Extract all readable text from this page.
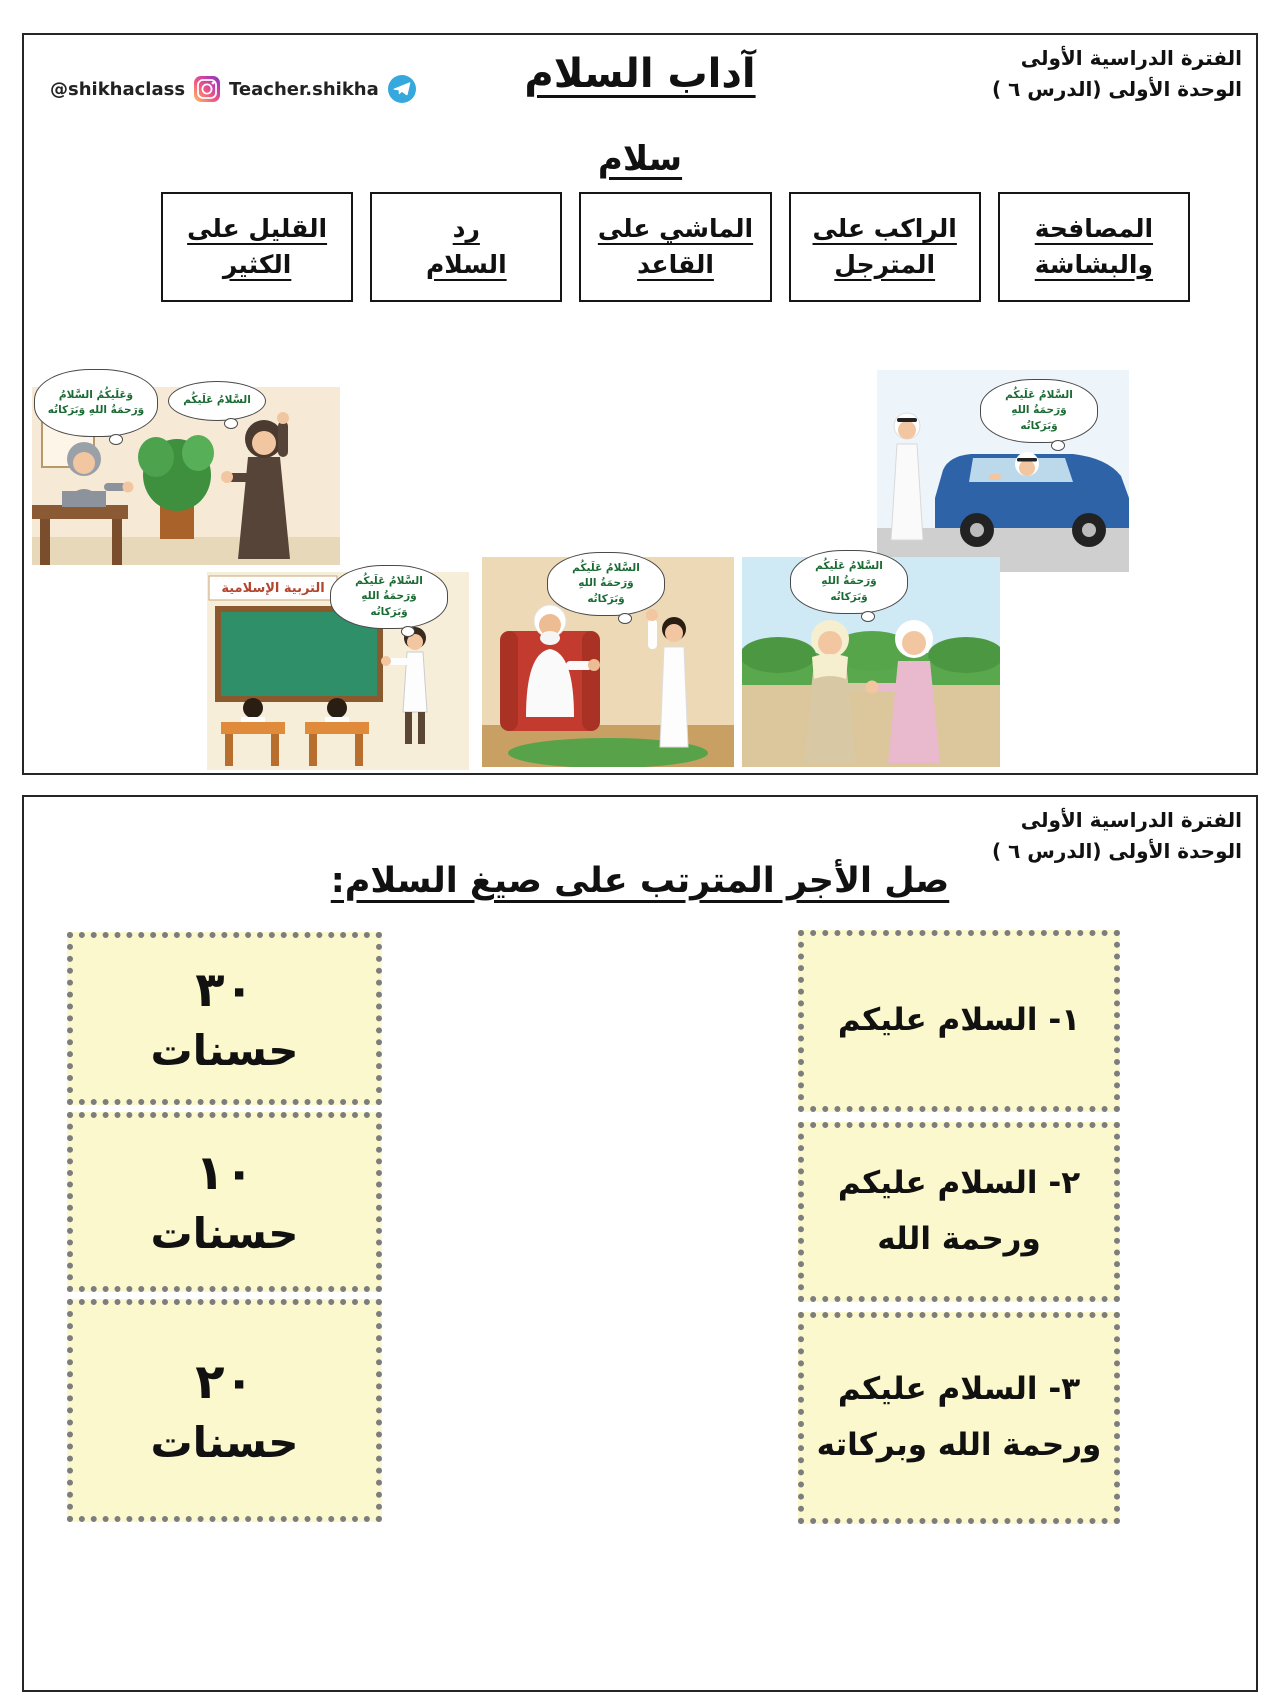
الفترة الدراسية الأولى
الوحدة الأولى (الدرس ٦ )
آداب السلام
@shikhaclass Teacher.shikha
سلام
المصافحة
والبشاشة
الراكب على
المترجل
الماشي على
القاعد
رد
السلام
القليل على
الكثير
التربية الإسلامية
وَعَلَيكُمُ السَّلامُ وَرَحمَةُ اللهِ وَبَرَكاتُه
السَّلامُ عَلَيكُم	السَّلامُ عَلَيكُم وَرَحمَةُ اللهِ وَبَرَكاتُه
السَّلامُ عَلَيكُم وَرَحمَةُ اللهِ وَبَرَكاتُه
السَّلامُ عَلَيكُم وَرَحمَةُ اللهِ وَبَرَكاتُه
السَّلامُ عَلَيكُم وَرَحمَةُ اللهِ وَبَرَكاتُه
الفترة الدراسية الأولى
الوحدة الأولى (الدرس ٦ )
صل الأجر المترتب على صيغ السلام:
١- السلام عليكم
٢- السلام عليكم
ورحمة الله
٣- السلام عليكم
ورحمة الله وبركاته
٣٠
حسنات
١٠
حسنات
٢٠
حسنات
